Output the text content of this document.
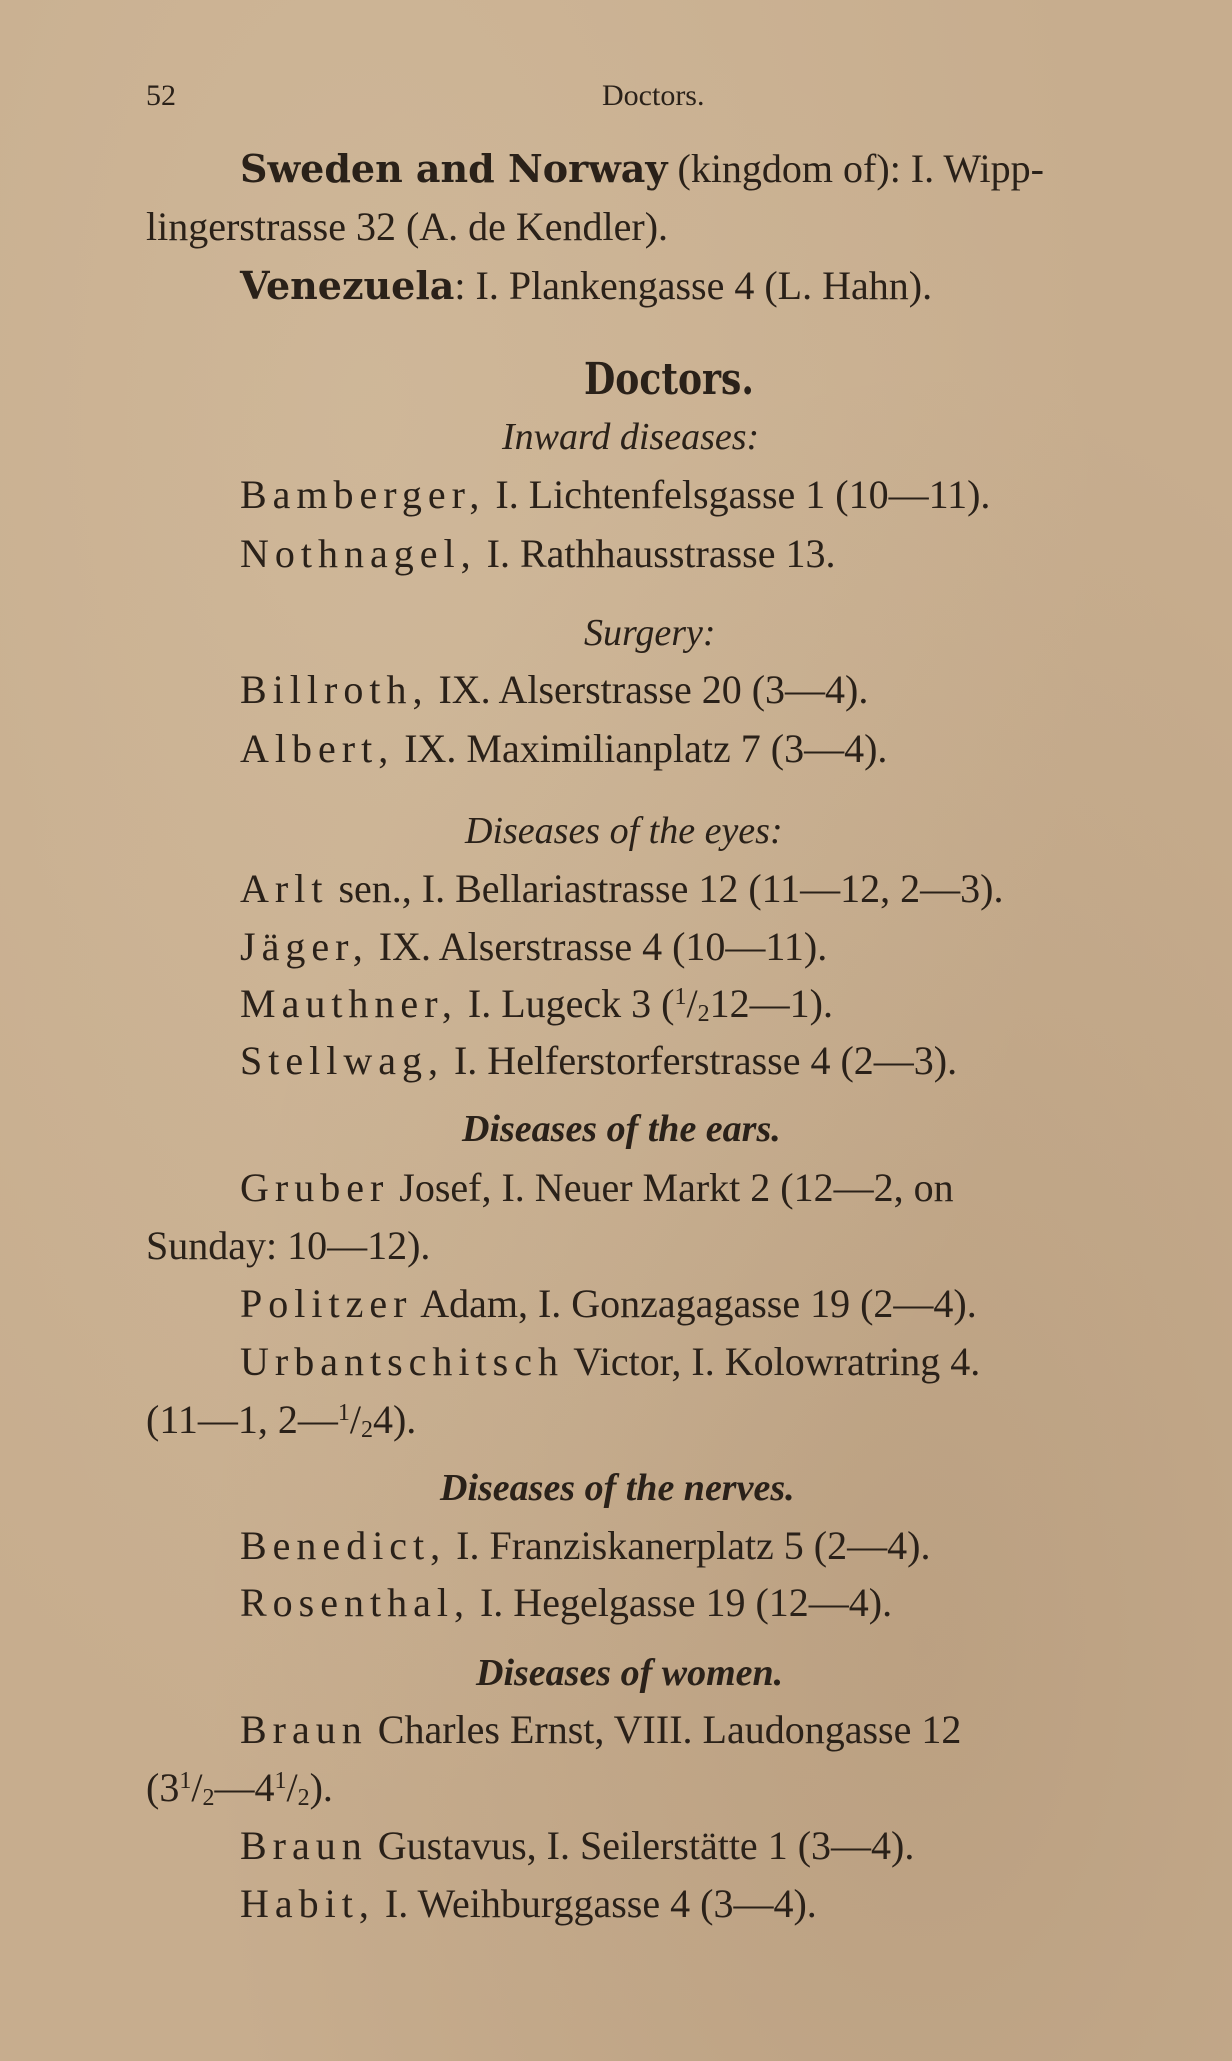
52	Doctors.
Sweden and Norway (kingdom of): I. Wipp-
lingerstrasse 32 (A. de Kendler).
Venezuela: I. Plankengasse 4 (L. Hahn).
Doctors.
Inward diseases:
Bamberger, I. Lichtenfelsgasse 1 (10—11).
Nothnagel, I. Rathhausstrasse 13.
Surgery:
Billroth, IX. Alserstrasse 20 (3—4).
Albert, IX. Maximilianplatz 7 (3—4).
Diseases of the eyes:
Arlt sen., I. Bellariastrasse 12 (11—12, 2—3).
Jäger, IX. Alserstrasse 4 (10—11).
Mauthner, I. Lugeck 3 ($^1$/212—1).
Stellwag, I. Helferstorferstrasse 4 (2—3).
Diseases of the ears.
Gruber Josef, I. Neuer Markt 2 (12—2, on
Sunday: 10—12).
Politzer Adam, I. Gonzagagasse 19 (2—4).
Urbantschitsch Victor, I. Kolowratring 4.
(11—1, 2—$^1$/24).
Diseases of the nerves.
Benedict, I. Franziskanerplatz 5 (2—4).
Rosenthal, I. Hegelgasse 19 (12—4).
Diseases of women.
Braun Charles Ernst, VIII. Laudongasse 12
$(3^1/2—4^1/2)$.
Braun Gustavus, I. Seilerstätte 1 (3—4).
Habit, I. Weihburggasse 4 (3—4).
